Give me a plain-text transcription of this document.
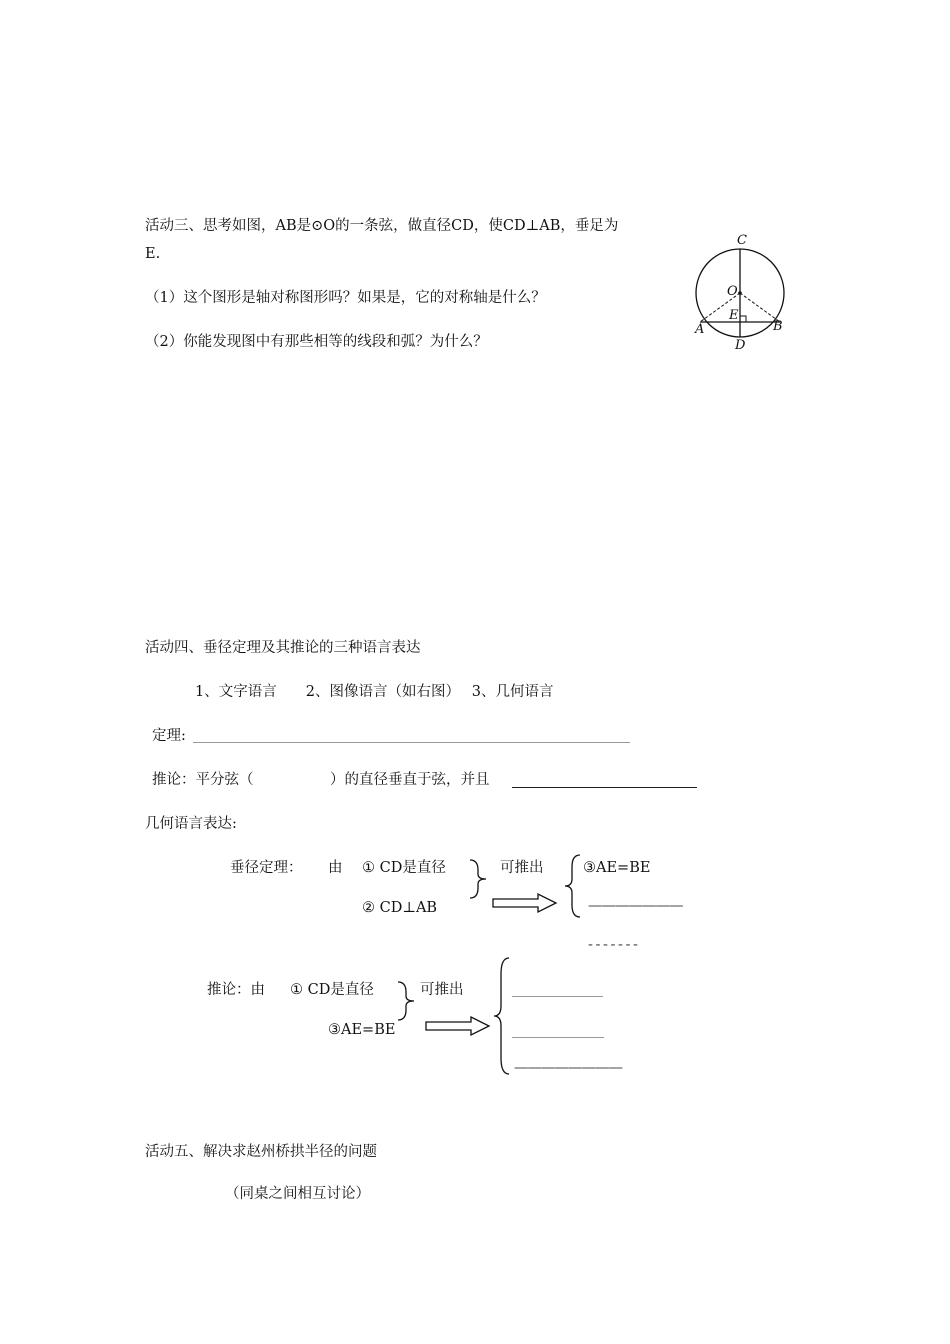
活动三、思考如图，AB是⊙O的一条弦，做直径CD，使CD⊥AB，垂足为
E.
（1）这个图形是轴对称图形吗？如果是，它的对称轴是什么？
（2）你能发现图中有那些相等的线段和弧？为什么？
C
O
E
A	B
D
活动四、垂径定理及其推论的三种语言表达
1、文字语言　　2、图像语言（如右图）　 3、几何语言
定理:
推论：平分弦（	）的直径垂直于弦，并且
几何语言表达:
垂径定理： 由 ① CD是直径
② CD⊥AB
可推出	③AE=BE
———————
- - - - - - -
推论：由 ① CD是直径
③AE=BE
可推出
————————
活动五、解决求赵州桥拱半径的问题
（同桌之间相互讨论）
